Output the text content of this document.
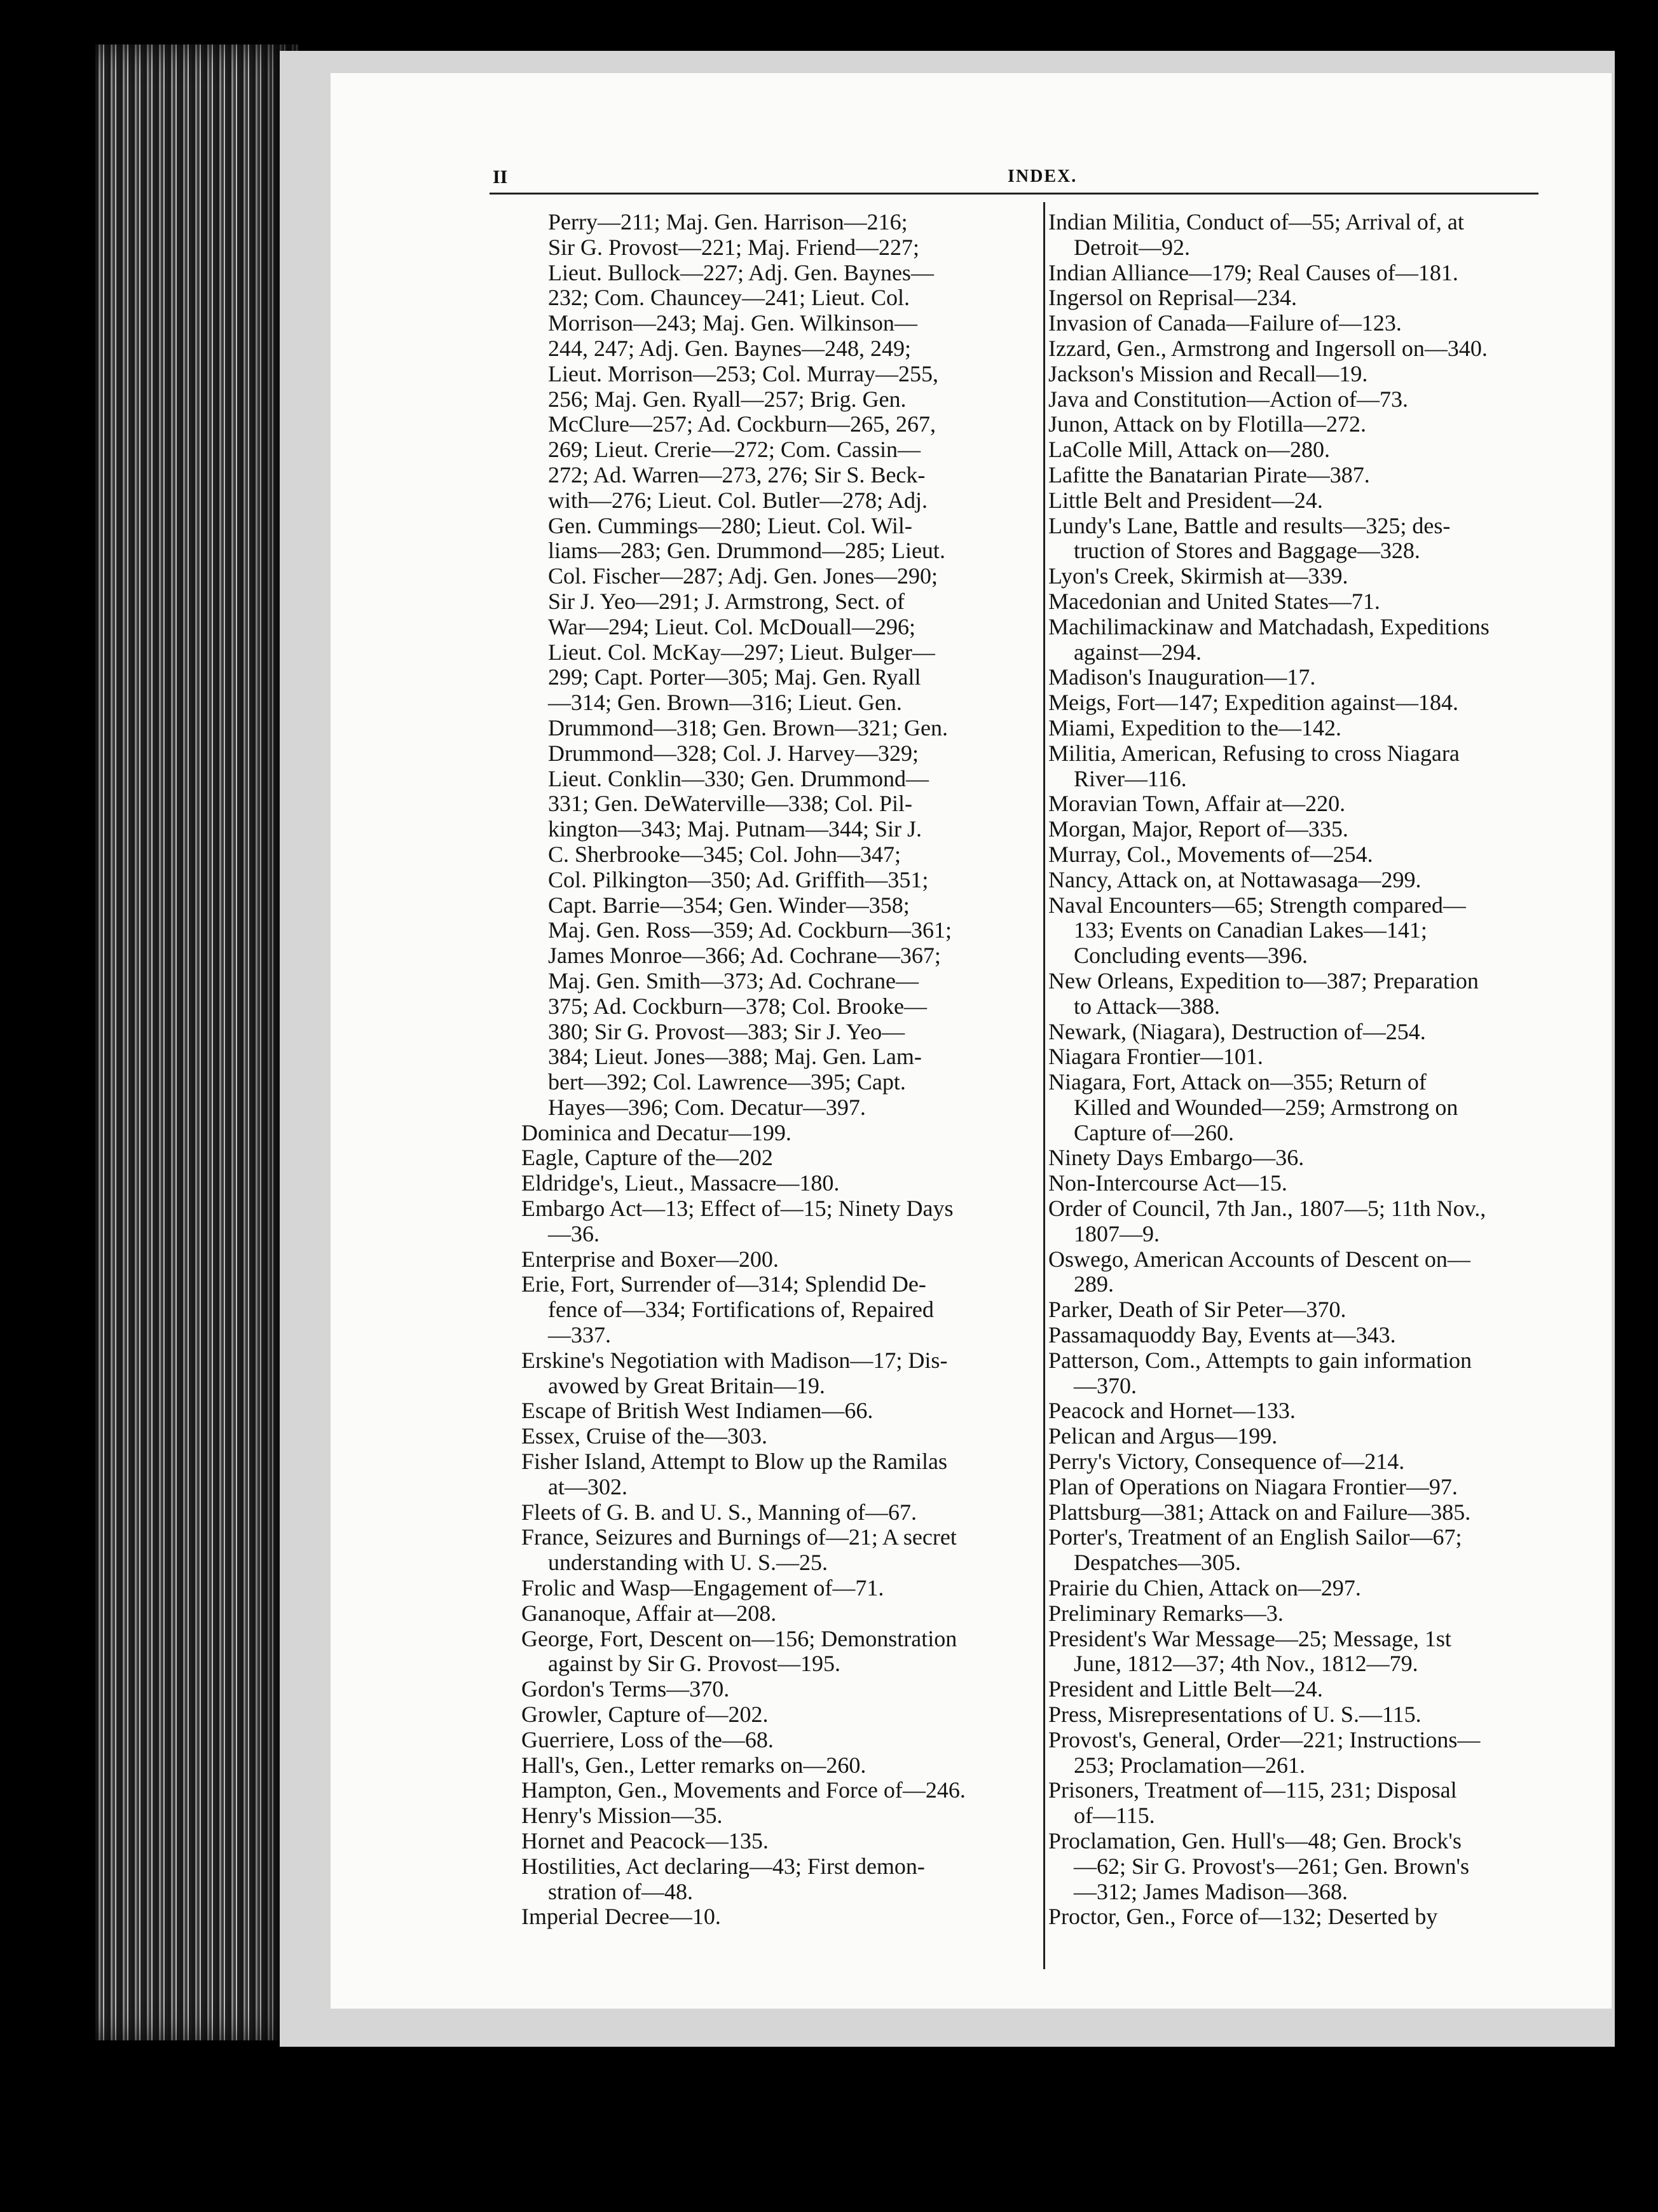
II	INDEX.
Perry—211; Maj. Gen. Harrison—216;
Sir G. Provost—221; Maj. Friend—227;
Lieut. Bullock—227; Adj. Gen. Baynes—
232; Com. Chauncey—241; Lieut. Col.
Morrison—243; Maj. Gen. Wilkinson—
244, 247; Adj. Gen. Baynes—248, 249;
Lieut. Morrison—253; Col. Murray—255,
256; Maj. Gen. Ryall—257; Brig. Gen.
McClure—257; Ad. Cockburn—265, 267,
269; Lieut. Crerie—272; Com. Cassin—
272; Ad. Warren—273, 276; Sir S. Beck-
with—276; Lieut. Col. Butler—278; Adj.
Gen. Cummings—280; Lieut. Col. Wil-
liams—283; Gen. Drummond—285; Lieut.
Col. Fischer—287; Adj. Gen. Jones—290;
Sir J. Yeo—291; J. Armstrong, Sect. of
War—294; Lieut. Col. McDouall—296;
Lieut. Col. McKay—297; Lieut. Bulger—
299; Capt. Porter—305; Maj. Gen. Ryall
—314; Gen. Brown—316; Lieut. Gen.
Drummond—318; Gen. Brown—321; Gen.
Drummond—328; Col. J. Harvey—329;
Lieut. Conklin—330; Gen. Drummond—
331; Gen. DeWaterville—338; Col. Pil-
kington—343; Maj. Putnam—344; Sir J.
C. Sherbrooke—345; Col. John—347;
Col. Pilkington—350; Ad. Griffith—351;
Capt. Barrie—354; Gen. Winder—358;
Maj. Gen. Ross—359; Ad. Cockburn—361;
James Monroe—366; Ad. Cochrane—367;
Maj. Gen. Smith—373; Ad. Cochrane—
375; Ad. Cockburn—378; Col. Brooke—
380; Sir G. Provost—383; Sir J. Yeo—
384; Lieut. Jones—388; Maj. Gen. Lam-
bert—392; Col. Lawrence—395; Capt.
Hayes—396; Com. Decatur—397.
Dominica and Decatur—199.
Eagle, Capture of the—202
Eldridge's, Lieut., Massacre—180.
Embargo Act—13; Effect of—15; Ninety Days
—36.
Enterprise and Boxer—200.
Erie, Fort, Surrender of—314; Splendid De-
fence of—334; Fortifications of, Repaired
—337.
Erskine's Negotiation with Madison—17; Dis-
avowed by Great Britain—19.
Escape of British West Indiamen—66.
Essex, Cruise of the—303.
Fisher Island, Attempt to Blow up the Ramilas
at—302.
Fleets of G. B. and U. S., Manning of—67.
France, Seizures and Burnings of—21; A secret
understanding with U. S.—25.
Frolic and Wasp—Engagement of—71.
Gananoque, Affair at—208.
George, Fort, Descent on—156; Demonstration
against by Sir G. Provost—195.
Gordon's Terms—370.
Growler, Capture of—202.
Guerriere, Loss of the—68.
Hall's, Gen., Letter remarks on—260.
Hampton, Gen., Movements and Force of—246.
Henry's Mission—35.
Hornet and Peacock—135.
Hostilities, Act declaring—43; First demon-
stration of—48.
Imperial Decree—10.
Indian Militia, Conduct of—55; Arrival of, at
Detroit—92.
Indian Alliance—179; Real Causes of—181.
Ingersol on Reprisal—234.
Invasion of Canada—Failure of—123.
Izzard, Gen., Armstrong and Ingersoll on—340.
Jackson's Mission and Recall—19.
Java and Constitution—Action of—73.
Junon, Attack on by Flotilla—272.
LaColle Mill, Attack on—280.
Lafitte the Banatarian Pirate—387.
Little Belt and President—24.
Lundy's Lane, Battle and results—325; des-
truction of Stores and Baggage—328.
Lyon's Creek, Skirmish at—339.
Macedonian and United States—71.
Machilimackinaw and Matchadash, Expeditions
against—294.
Madison's Inauguration—17.
Meigs, Fort—147; Expedition against—184.
Miami, Expedition to the—142.
Militia, American, Refusing to cross Niagara
River—116.
Moravian Town, Affair at—220.
Morgan, Major, Report of—335.
Murray, Col., Movements of—254.
Nancy, Attack on, at Nottawasaga—299.
Naval Encounters—65; Strength compared—
133; Events on Canadian Lakes—141;
Concluding events—396.
New Orleans, Expedition to—387; Preparation
to Attack—388.
Newark, (Niagara), Destruction of—254.
Niagara Frontier—101.
Niagara, Fort, Attack on—355; Return of
Killed and Wounded—259; Armstrong on
Capture of—260.
Ninety Days Embargo—36.
Non-Intercourse Act—15.
Order of Council, 7th Jan., 1807—5; 11th Nov.,
1807—9.
Oswego, American Accounts of Descent on—
289.
Parker, Death of Sir Peter—370.
Passamaquoddy Bay, Events at—343.
Patterson, Com., Attempts to gain information
—370.
Peacock and Hornet—133.
Pelican and Argus—199.
Perry's Victory, Consequence of—214.
Plan of Operations on Niagara Frontier—97.
Plattsburg—381; Attack on and Failure—385.
Porter's, Treatment of an English Sailor—67;
Despatches—305.
Prairie du Chien, Attack on—297.
Preliminary Remarks—3.
President's War Message—25; Message, 1st
June, 1812—37; 4th Nov., 1812—79.
President and Little Belt—24.
Press, Misrepresentations of U. S.—115.
Provost's, General, Order—221; Instructions—
253; Proclamation—261.
Prisoners, Treatment of—115, 231; Disposal
of—115.
Proclamation, Gen. Hull's—48; Gen. Brock's
—62; Sir G. Provost's—261; Gen. Brown's
—312; James Madison—368.
Proctor, Gen., Force of—132; Deserted by
